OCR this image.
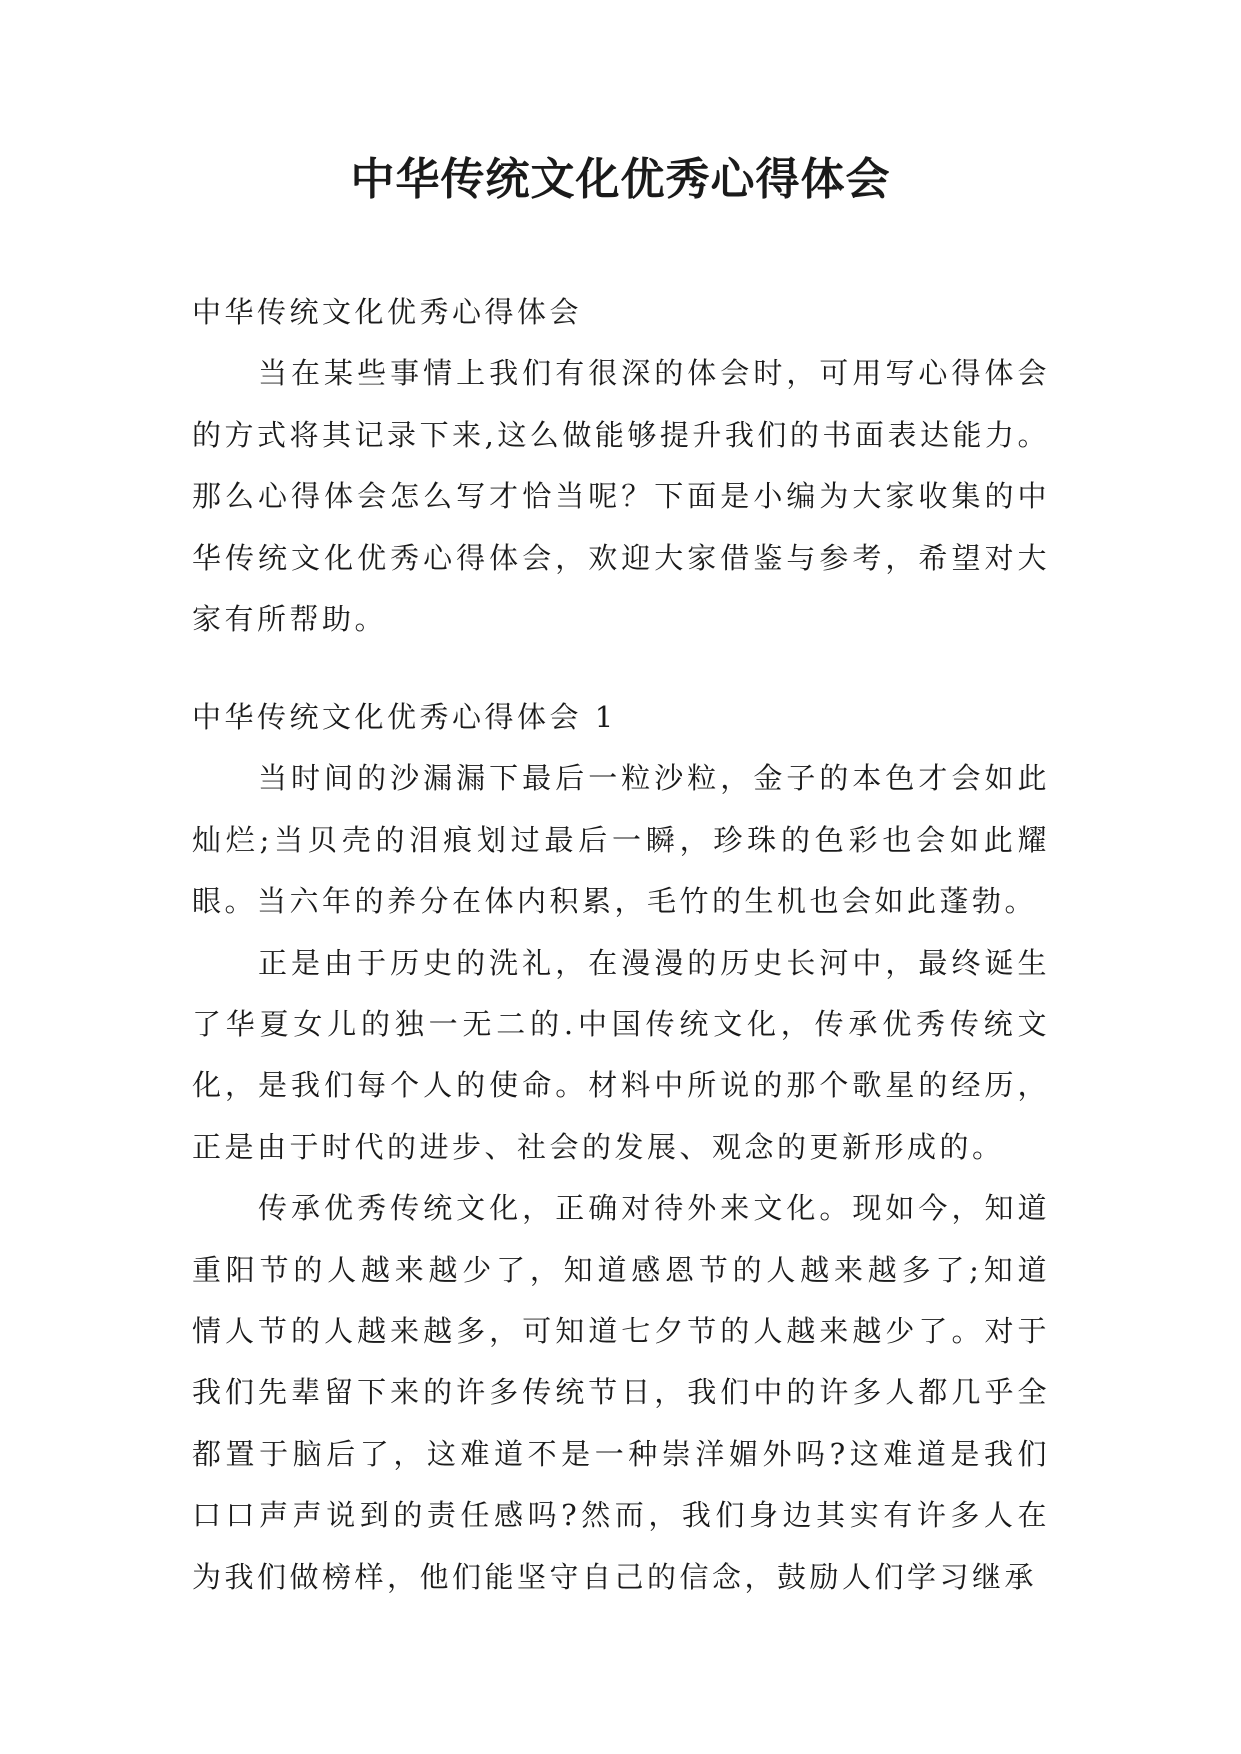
中华传统文化优秀心得体会

中华传统文化优秀心得体会

当在某些事情上我们有很深的体会时，可用写心得体会的方式将其记录下来,这么做能够提升我们的书面表达能力。那么心得体会怎么写才恰当呢？下面是小编为大家收集的中华传统文化优秀心得体会，欢迎大家借鉴与参考，希望对大家有所帮助。

中华传统文化优秀心得体会 1

当时间的沙漏漏下最后一粒沙粒，金子的本色才会如此灿烂;当贝壳的泪痕划过最后一瞬，珍珠的色彩也会如此耀眼。当六年的养分在体内积累，毛竹的生机也会如此蓬勃。

正是由于历史的洗礼，在漫漫的历史长河中，最终诞生了华夏女儿的独一无二的.中国传统文化，传承优秀传统文化，是我们每个人的使命。材料中所说的那个歌星的经历，正是由于时代的进步、社会的发展、观念的更新形成的。

传承优秀传统文化，正确对待外来文化。现如今，知道重阳节的人越来越少了，知道感恩节的人越来越多了;知道情人节的人越来越多，可知道七夕节的人越来越少了。对于我们先辈留下来的许多传统节日，我们中的许多人都几乎全都置于脑后了，这难道不是一种崇洋媚外吗?这难道是我们口口声声说到的责任感吗?然而，我们身边其实有许多人在为我们做榜样，他们能坚守自己的信念，鼓励人们学习继承
